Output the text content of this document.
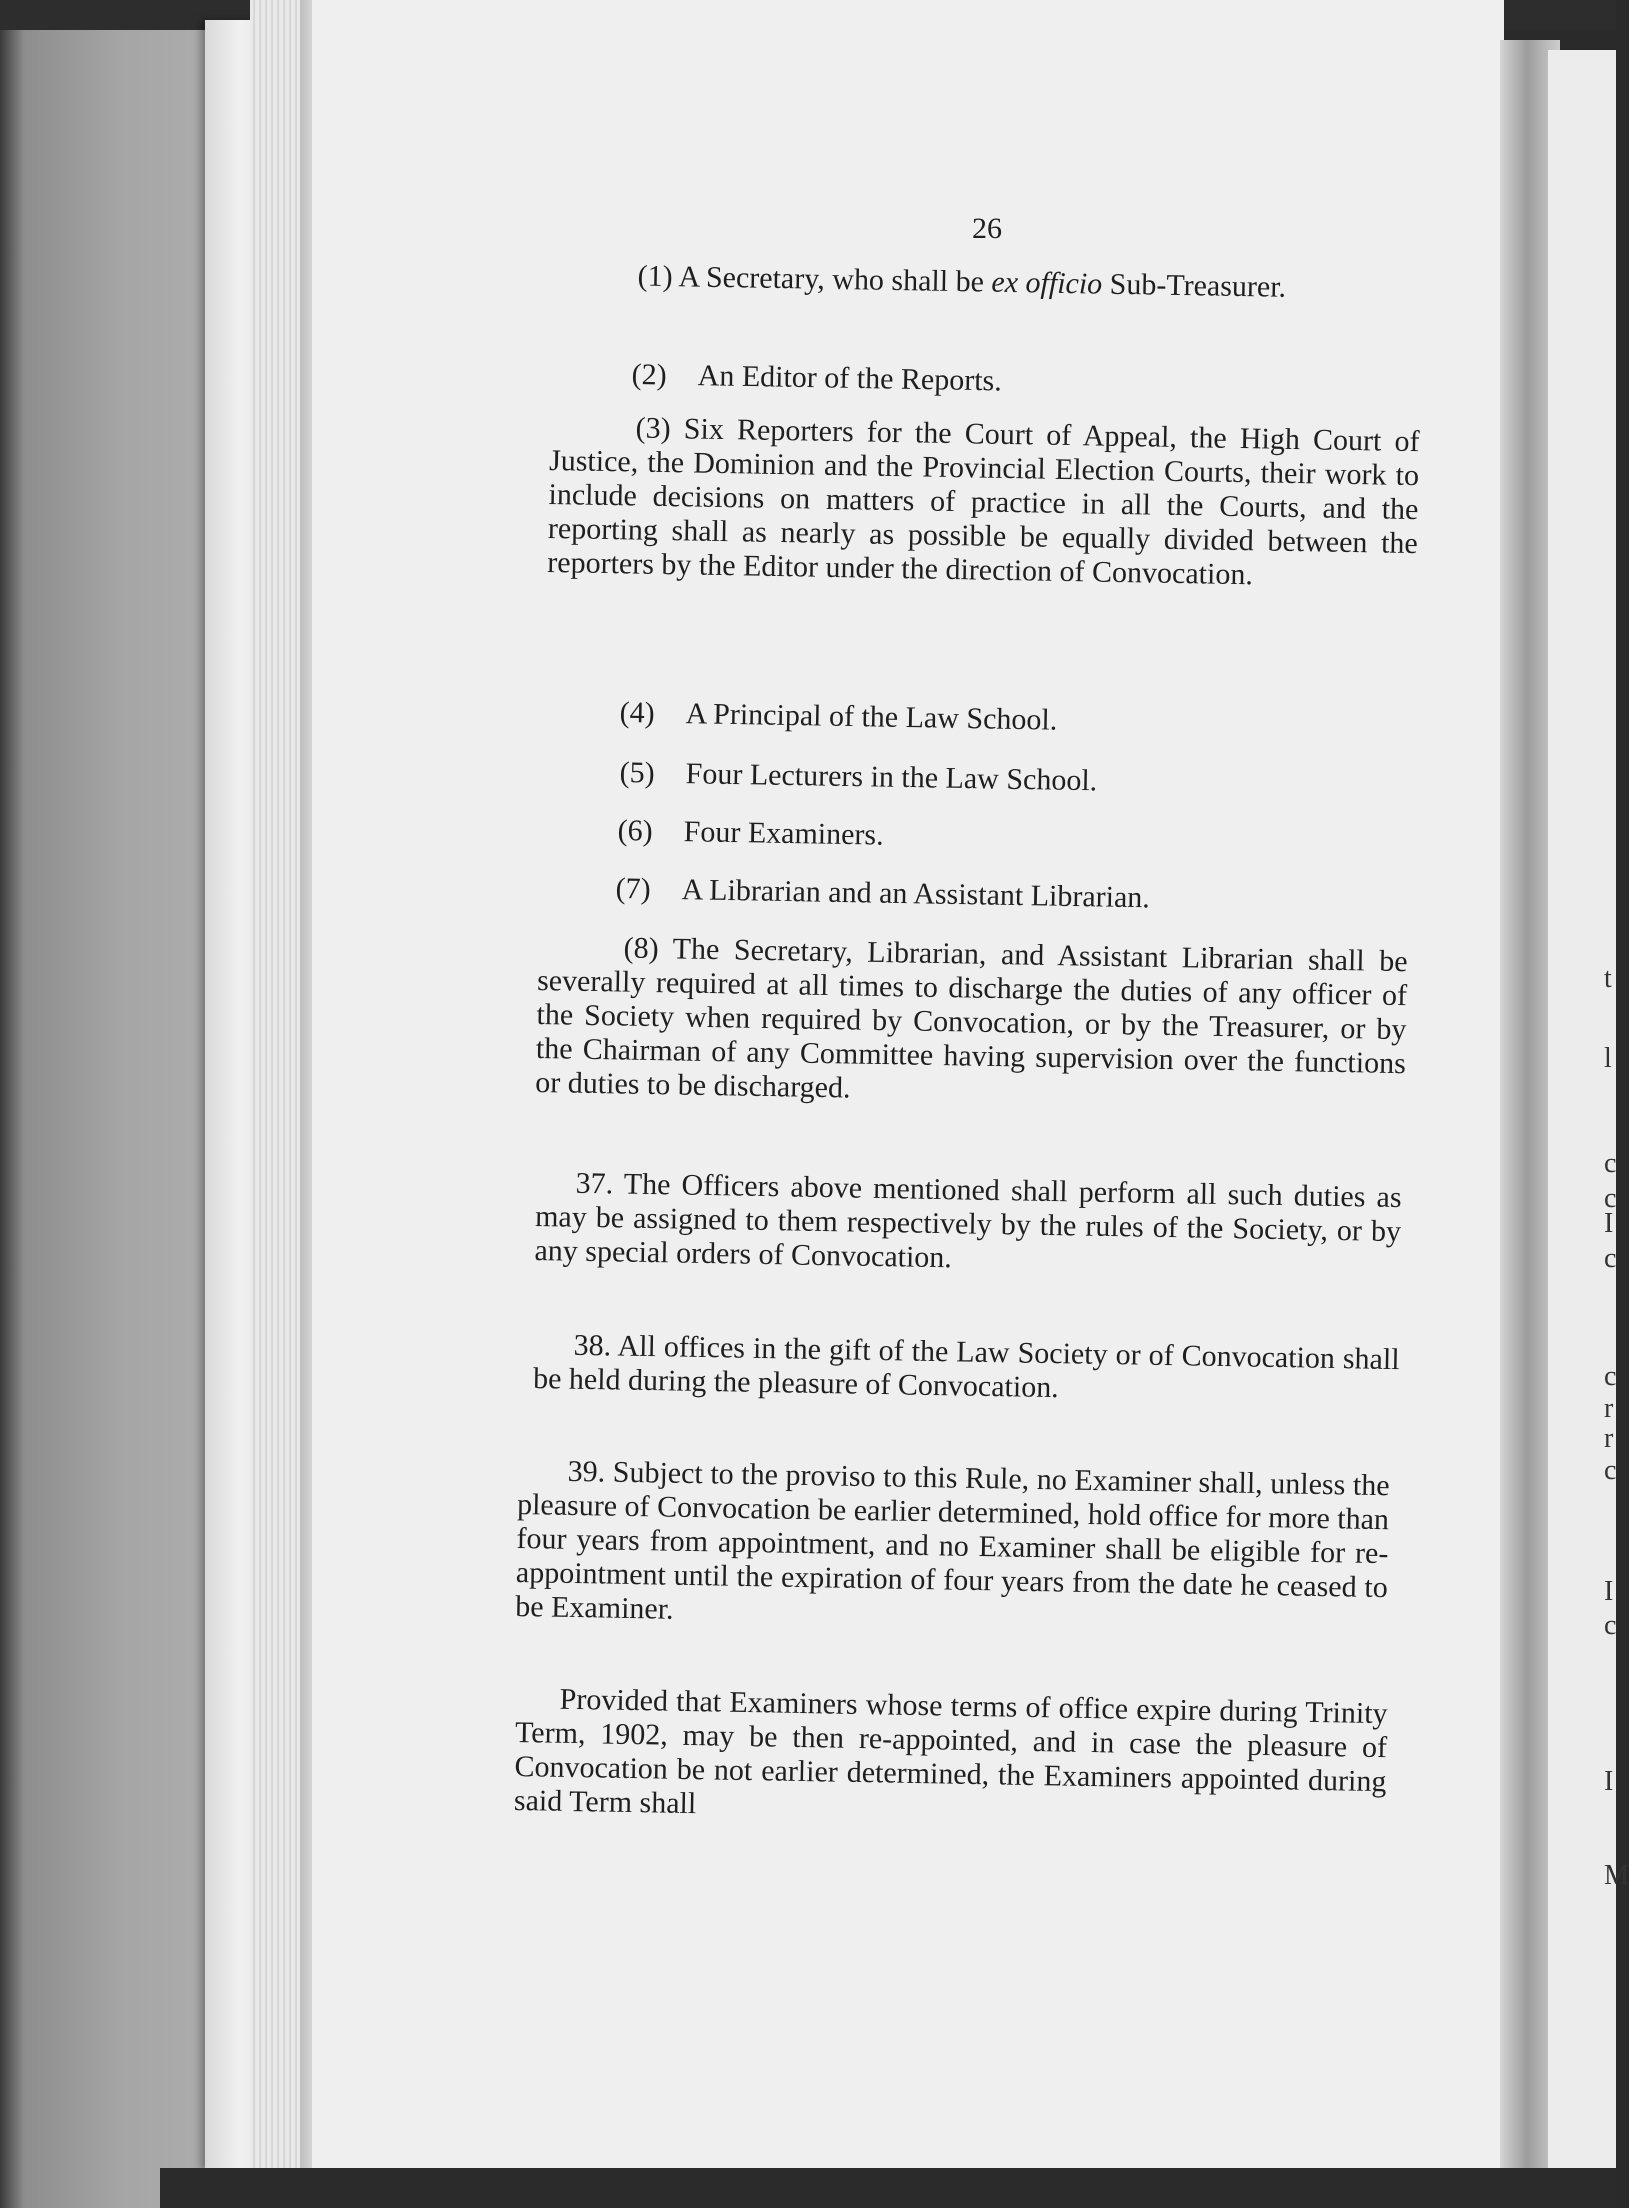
t
l
c
c
I
c
c
r
r
c
I
c
I
M
26

(1) A Secretary, who shall be ex officio Sub-Treasurer.

(2) An Editor of the Reports.

(3) Six Reporters for the Court of Appeal, the High Court of Justice, the Dominion and the Provincial Election Courts, their work to include decisions on matters of practice in all the Courts, and the reporting shall as nearly as possible be equally divided between the reporters by the Editor under the direction of Convocation.

(4) A Principal of the Law School.
(5) Four Lecturers in the Law School.
(6) Four Examiners.
(7) A Librarian and an Assistant Librarian.

(8) The Secretary, Librarian, and Assistant Librarian shall be severally required at all times to discharge the duties of any officer of the Society when required by Convocation, or by the Treasurer, or by the Chairman of any Committee having supervision over the functions or duties to be discharged.

37. The Officers above mentioned shall perform all such duties as may be assigned to them respectively by the rules of the Society, or by any special orders of Convocation.

38. All offices in the gift of the Law Society or of Convocation shall be held during the pleasure of Convocation.

39. Subject to the proviso to this Rule, no Examiner shall, unless the pleasure of Convocation be earlier determined, hold office for more than four years from appointment, and no Examiner shall be eligible for re-appointment until the expiration of four years from the date he ceased to be Examiner.

Provided that Examiners whose terms of office expire during Trinity Term, 1902, may be then re-appointed, and in case the pleasure of Convocation be not earlier determined, the Examiners appointed during said Term shall
